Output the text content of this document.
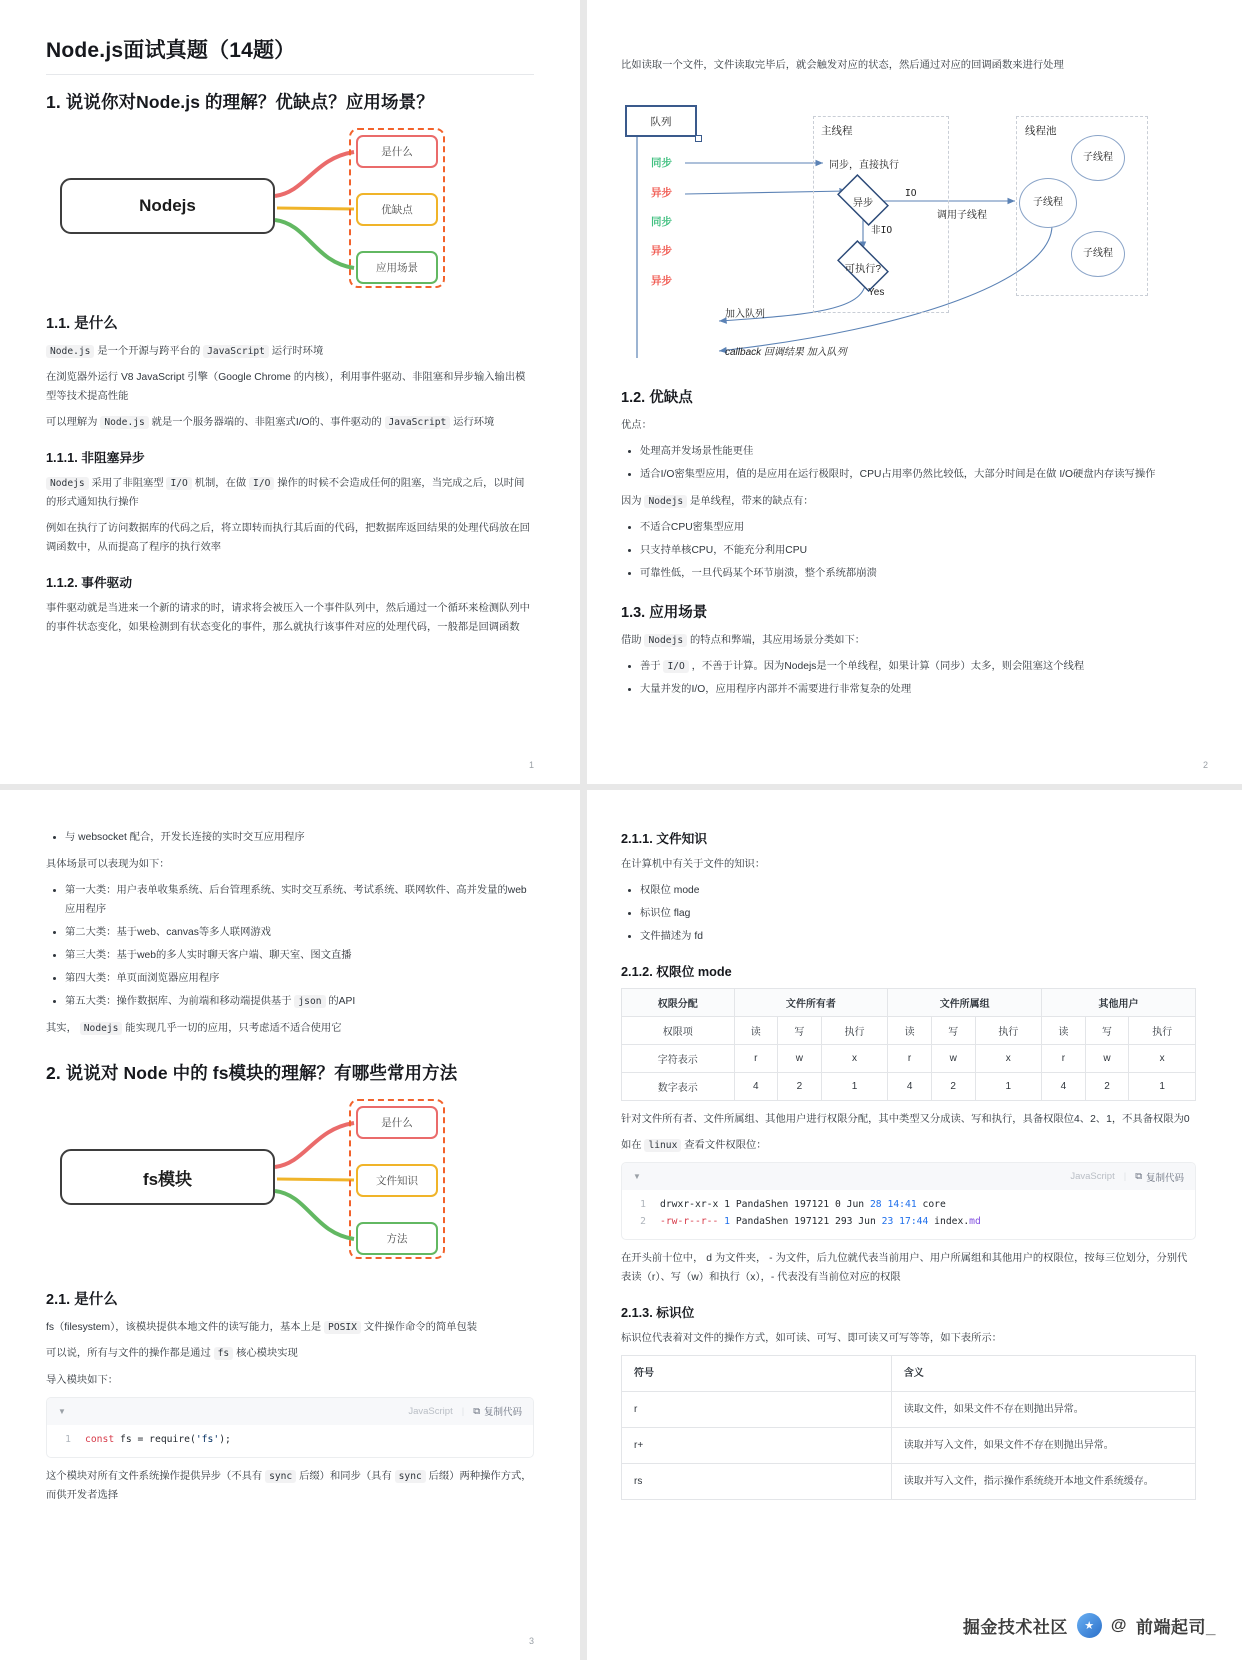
Node.js面试真题（14题）
1. 说说你对Node.js 的理解？优缺点？应用场景？
Nodejs
是什么
优缺点
应用场景
1.1. 是什么

Node.js 是一个开源与跨平台的 JavaScript 运行时环境

在浏览器外运行 V8 JavaScript 引擎（Google Chrome 的内核），利用事件驱动、非阻塞和异步输入输出模型等技术提高性能

可以理解为 Node.js 就是一个服务器端的、非阻塞式I/O的、事件驱动的 JavaScript 运行环境

1.1.1. 非阻塞异步

Nodejs 采用了非阻塞型 I/O 机制，在做 I/O 操作的时候不会造成任何的阻塞，当完成之后，以时间的形式通知执行操作

例如在执行了访问数据库的代码之后，将立即转而执行其后面的代码，把数据库返回结果的处理代码放在回调函数中，从而提高了程序的执行效率

1.1.2. 事件驱动

事件驱动就是当进来一个新的请求的时，请求将会被压入一个事件队列中，然后通过一个循环来检测队列中的事件状态变化，如果检测到有状态变化的事件，那么就执行该事件对应的处理代码，一般都是回调函数

1

比如读取一个文件，文件读取完毕后，就会触发对应的状态，然后通过对应的回调函数来进行处理

队列
同步
异步
同步
异步
异步
主线程
同步，直接执行
异步
IO
非IO
可执行?
Yes
线程池
调用子线程
子线程
子线程
子线程
加入队列
callback 回调结果 加入队列
1.2. 优缺点

优点：

• 处理高并发场景性能更佳
• 适合I/O密集型应用，值的是应用在运行极限时，CPU占用率仍然比较低，大部分时间是在做 I/O硬盘内存读写操作

因为 Nodejs 是单线程，带来的缺点有：

• 不适合CPU密集型应用
• 只支持单核CPU，不能充分利用CPU
• 可靠性低，一旦代码某个环节崩溃，整个系统都崩溃
1.3. 应用场景

借助 Nodejs 的特点和弊端，其应用场景分类如下：

• 善于 I/O ，不善于计算。因为Nodejs是一个单线程，如果计算（同步）太多，则会阻塞这个线程
• 大量并发的I/O，应用程序内部并不需要进行非常复杂的处理
2
• 与 websocket 配合，开发长连接的实时交互应用程序

具体场景可以表现为如下：

• 第一大类：用户表单收集系统、后台管理系统、实时交互系统、考试系统、联网软件、高并发量的web应用程序
• 第二大类：基于web、canvas等多人联网游戏
• 第三大类：基于web的多人实时聊天客户端、聊天室、图文直播
• 第四大类：单页面浏览器应用程序
• 第五大类：操作数据库、为前端和移动端提供基于 json 的API

其实， Nodejs 能实现几乎一切的应用，只考虑适不适合使用它

2. 说说对 Node 中的 fs模块的理解？有哪些常用方法
fs模块
是什么
文件知识
方法
2.1. 是什么

fs（filesystem），该模块提供本地文件的读写能力，基本上是 POSIX 文件操作命令的简单包装

可以说，所有与文件的操作都是通过 fs 核心模块实现

导入模块如下：

▼	JavaScript | ⧉ 复制代码
1	const fs = require('fs');

这个模块对所有文件系统操作提供异步（不具有 sync 后缀）和同步（具有 sync 后缀）两种操作方式，而供开发者选择

3
2.1.1. 文件知识

在计算机中有关于文件的知识：

• 权限位 mode
• 标识位 flag
• 文件描述为 fd
2.1.2. 权限位 mode
权限分配	文件所有者			文件所属组			其他用户		
权限项	读	写	执行	读	写	执行	读	写	执行
字符表示	r	w	x	r	w	x	r	w	x
数字表示	4	2	1	4	2	1	4	2	1

针对文件所有者、文件所属组、其他用户进行权限分配，其中类型又分成读、写和执行，具备权限位4、2、1，不具备权限为0

如在 linux 查看文件权限位：

▼	JavaScript | ⧉ 复制代码
1	drwxr-xr-x 1 PandaShen 197121 0 Jun 28 14:41 core
2	-rw-r--r-- 1 PandaShen 197121 293 Jun 23 17:44 index.md

在开头前十位中， d 为文件夹， - 为文件，后九位就代表当前用户、用户所属组和其他用户的权限位，按每三位划分，分别代表读（r）、写（w）和执行（x），- 代表没有当前位对应的权限

2.1.3. 标识位

标识位代表着对文件的操作方式，如可读、可写、即可读又可写等等，如下表所示：

符号	含义
r	读取文件，如果文件不存在则抛出异常。
r+	读取并写入文件，如果文件不存在则抛出异常。
rs	读取并写入文件，指示操作系统绕开本地文件系统缓存。
掘金技术社区	★	@ 前端起司_
